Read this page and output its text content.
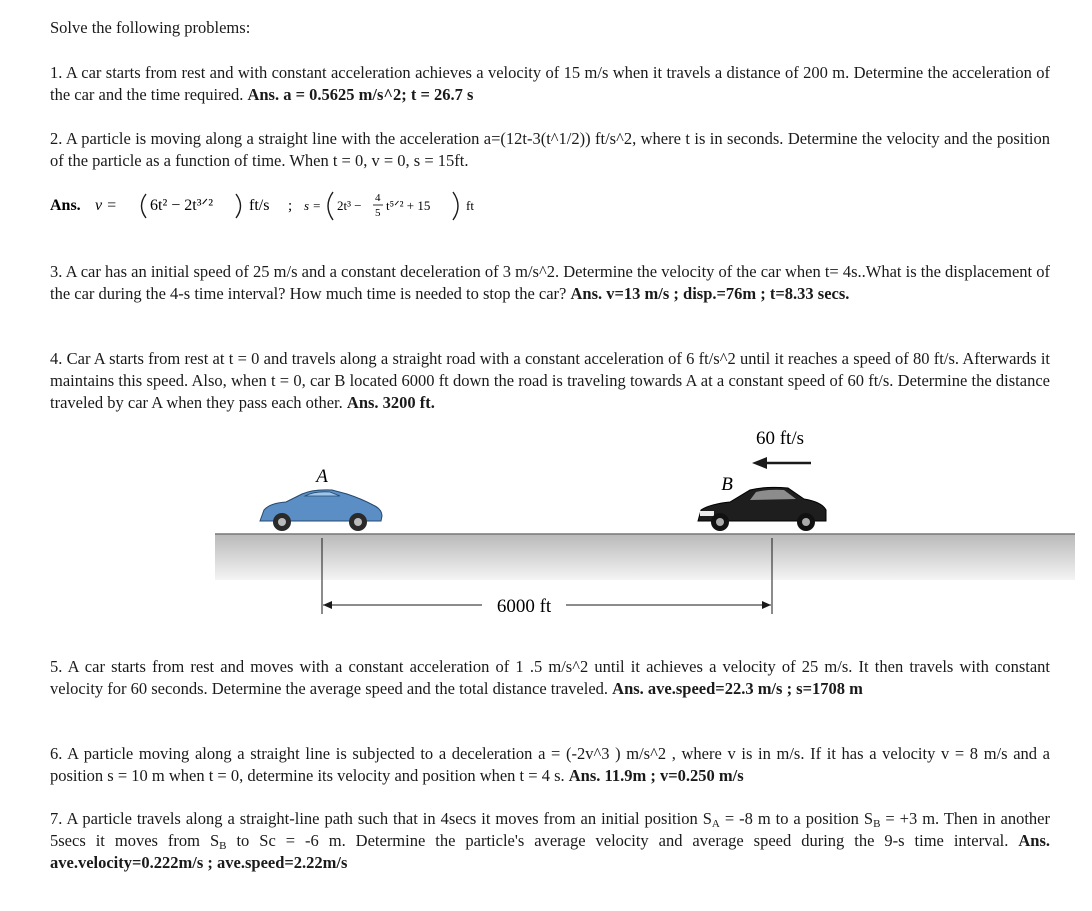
Solve the following problems:

1. A car starts from rest and with constant acceleration achieves a velocity of 15 m/s when it travels a distance of 200 m. Determine the acceleration of the car and the time required. Ans. a = 0.5625 m/s^2; t = 26.7 s

2. A particle is moving along a straight line with the acceleration a=(12t-3(t^1/2)) ft/s^2, where t is in seconds. Determine the velocity and the position of the particle as a function of time. When t = 0, v = 0, s = 15ft.

Ans. v = 6t² − 2t³ᐟ² ft/s ; s = 2t³ − 4
5 t⁵ᐟ² + 15	ft

3. A car has an initial speed of 25 m/s and a constant deceleration of 3 m/s^2. Determine the velocity of the car when t= 4s..What is the displacement of the car during the 4-s time interval? How much time is needed to stop the car? Ans. v=13 m/s ; disp.=76m ; t=8.33 secs.

4. Car A starts from rest at t = 0 and travels along a straight road with a constant acceleration of 6 ft/s^2 until it reaches a speed of 80 ft/s. Afterwards it maintains this speed. Also, when t = 0, car B located 6000 ft down the road is traveling towards A at a constant speed of 60 ft/s. Determine the distance traveled by car A when they pass each other. Ans. 3200 ft.

A	B
60 ft/s
6000 ft

5. A car starts from rest and moves with a constant acceleration of 1 .5 m/s^2 until it achieves a velocity of 25 m/s. It then travels with constant velocity for 60 seconds. Determine the average speed and the total distance traveled. Ans. ave.speed=22.3 m/s ; s=1708 m

6. A particle moving along a straight line is subjected to a deceleration a = (-2v^3 ) m/s^2 , where v is in m/s. If it has a velocity v = 8 m/s and a position s = 10 m when t = 0, determine its velocity and position when t = 4 s. Ans. 11.9m ; v=0.250 m/s

7. A particle travels along a straight-line path such that in 4secs it moves from an initial position $S_A = -8$ m to a position $S_B = +3$ m. Then in another 5secs it moves from $S_B$ to Sc = -6 m. Determine the particle's average velocity and average speed during the 9-s time interval. Ans. ave.velocity=0.222m/s ; ave.speed=2.22m/s
